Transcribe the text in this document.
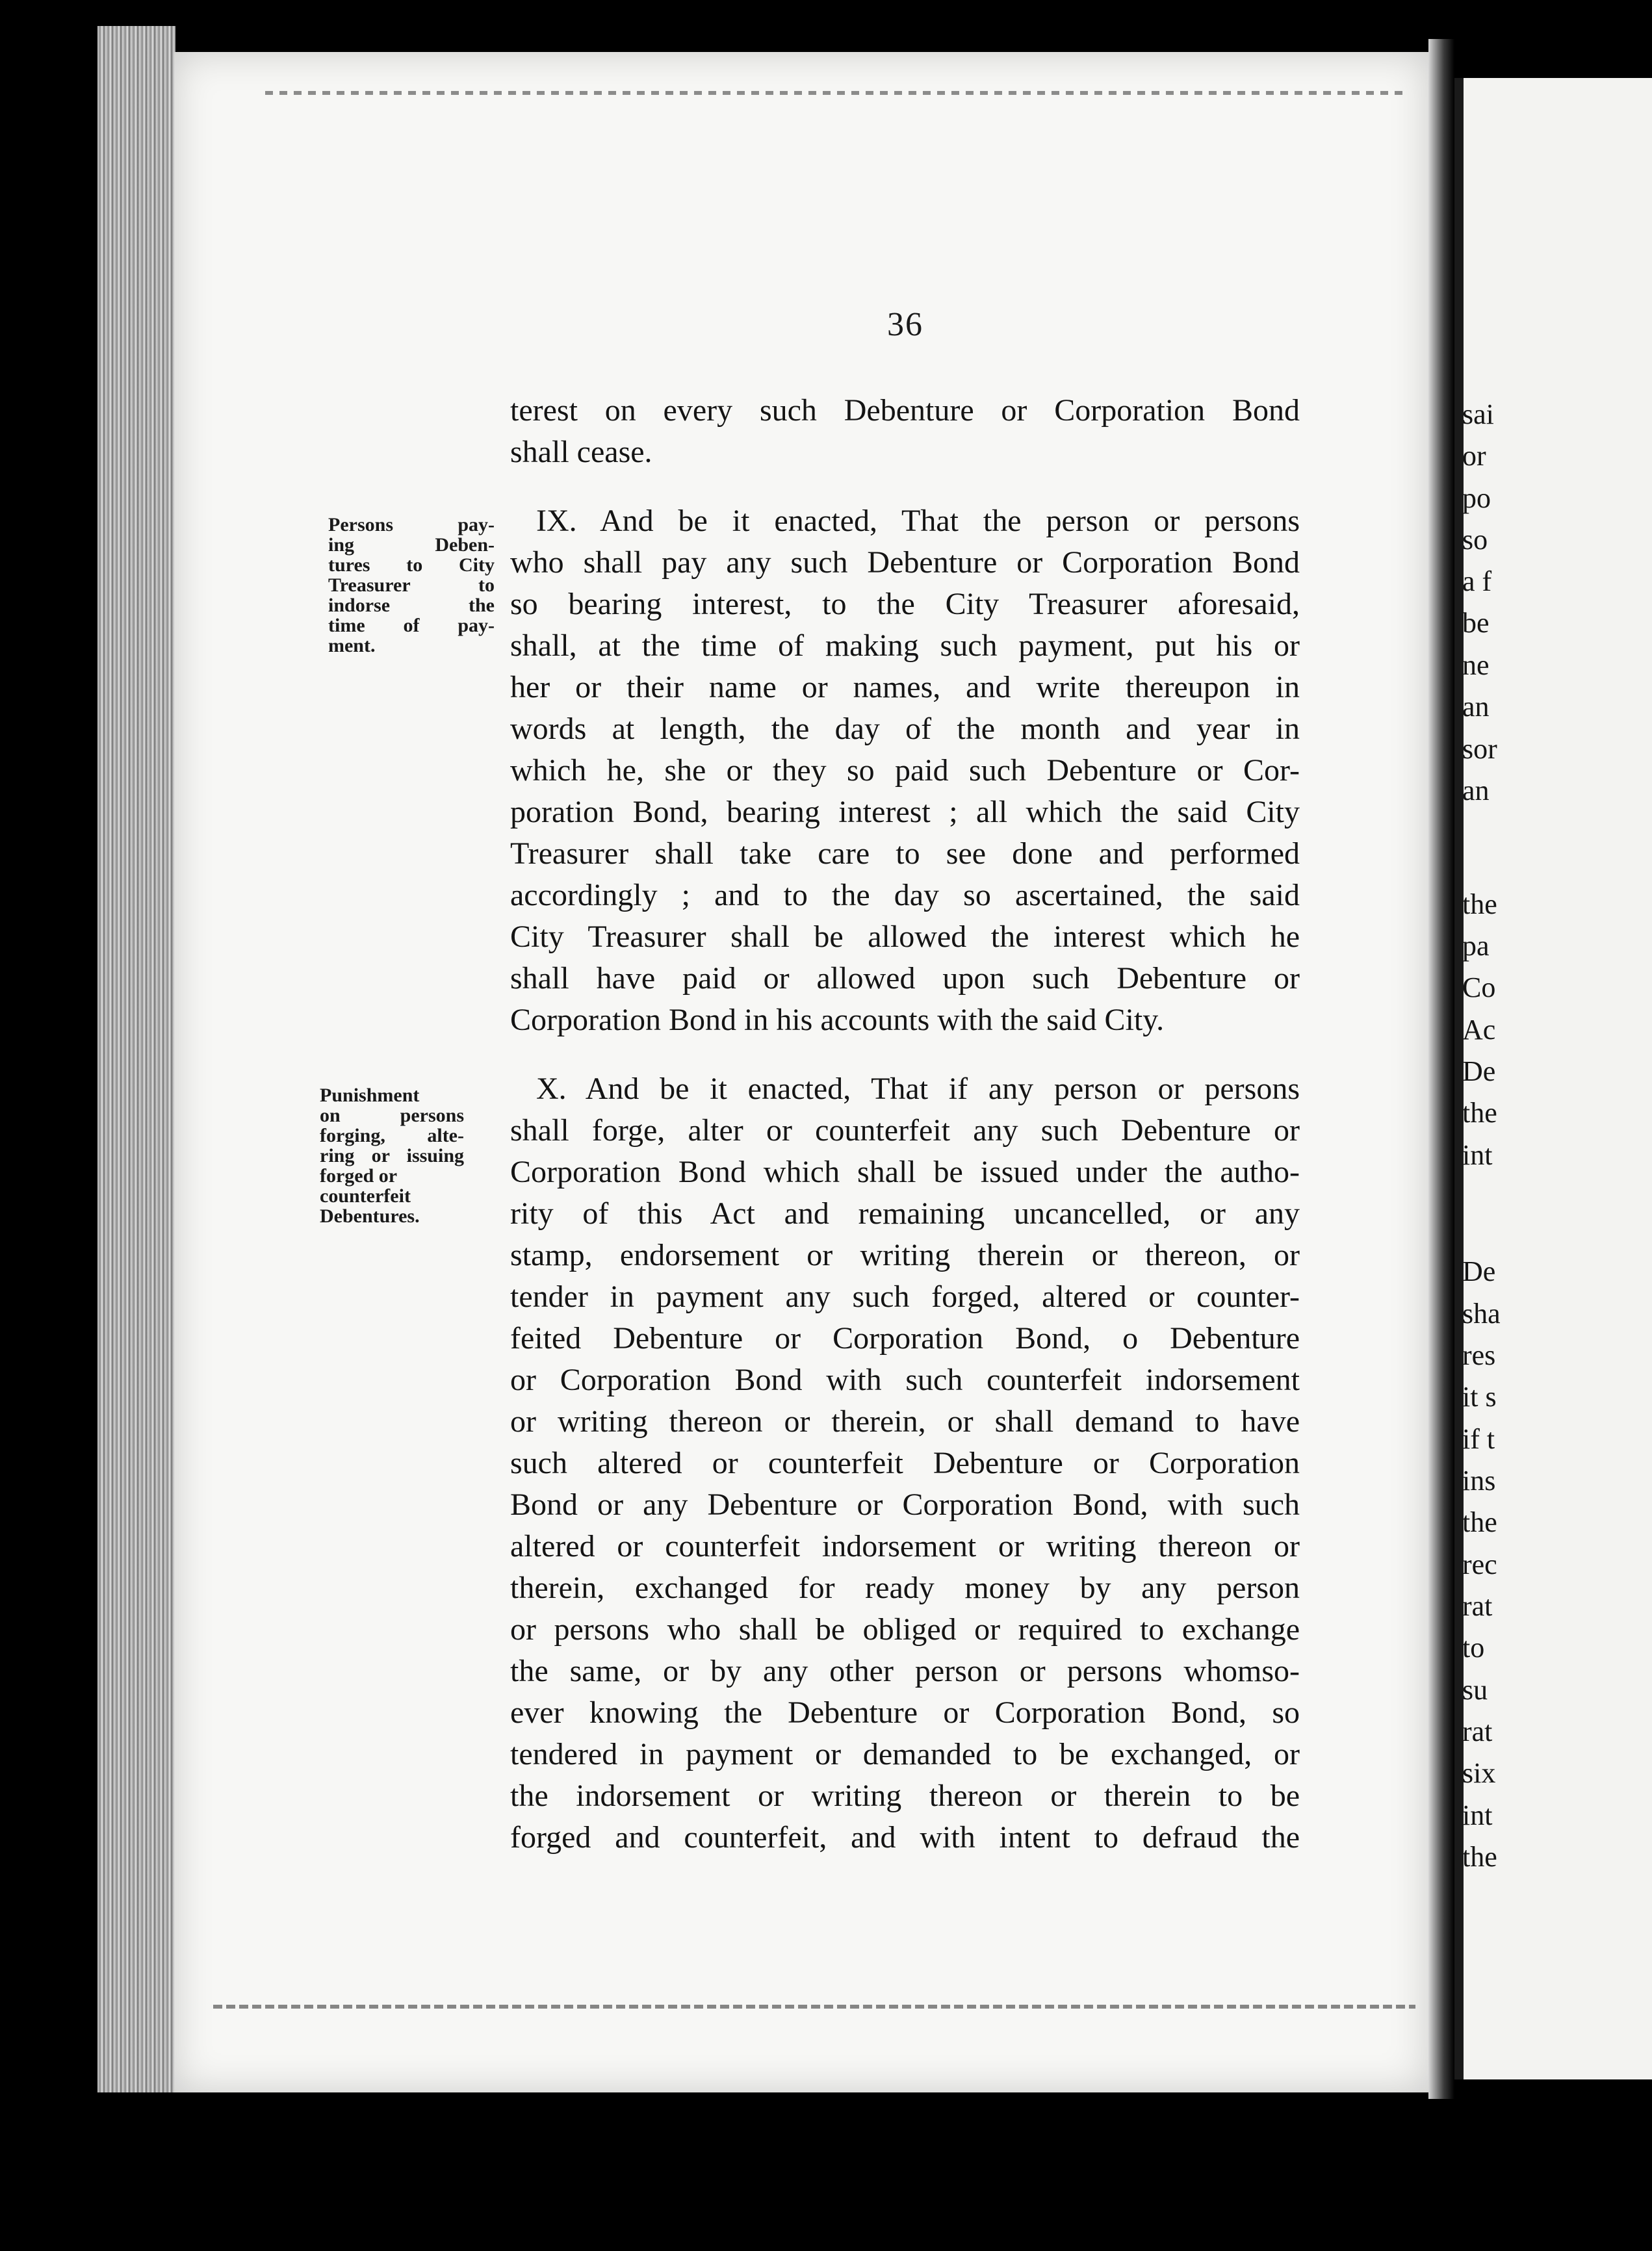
36
Persons pay-
ing Deben-
tures to City
Treasurer to
indorse the
time of pay-
ment.
Punishment
on persons
forging, alte-
ring or issuing
forged or
counterfeit
Debentures.
terest on every such Debenture or Corporation Bond
shall cease.
IX. And be it enacted, That the person or persons
who shall pay any such Debenture or Corporation Bond
so bearing interest, to the City Treasurer aforesaid,
shall, at the time of making such payment, put his or
her or their name or names, and write thereupon in
words at length, the day of the month and year in
which he, she or they so paid such Debenture or Cor-
poration Bond, bearing interest ; all which the said City
Treasurer shall take care to see done and performed
accordingly ; and to the day so ascertained, the said
City Treasurer shall be allowed the interest which he
shall have paid or allowed upon such Debenture or
Corporation Bond in his accounts with the said City.
X. And be it enacted, That if any person or persons
shall forge, alter or counterfeit any such Debenture or
Corporation Bond which shall be issued under the autho-
rity of this Act and remaining uncancelled, or any
stamp, endorsement or writing therein or thereon, or
tender in payment any such forged, altered or counter-
feited Debenture or Corporation Bond, o Debenture
or Corporation Bond with such counterfeit indorsement
or writing thereon or therein, or shall demand to have
such altered or counterfeit Debenture or Corporation
Bond or any Debenture or Corporation Bond, with such
altered or counterfeit indorsement or writing thereon or
therein, exchanged for ready money by any person
or persons who shall be obliged or required to exchange
the same, or by any other person or persons whomso-
ever knowing the Debenture or Corporation Bond, so
tendered in payment or demanded to be exchanged, or
the indorsement or writing thereon or therein to be
forged and counterfeit, and with intent to defraud the
sai
or
po
so
a f
be
ne
an
sor
an
the
pa
Co
Ac
De
the
int
De
sha
res
it s
if t
ins
the
rec
rat
to
su
rat
six
int
the
